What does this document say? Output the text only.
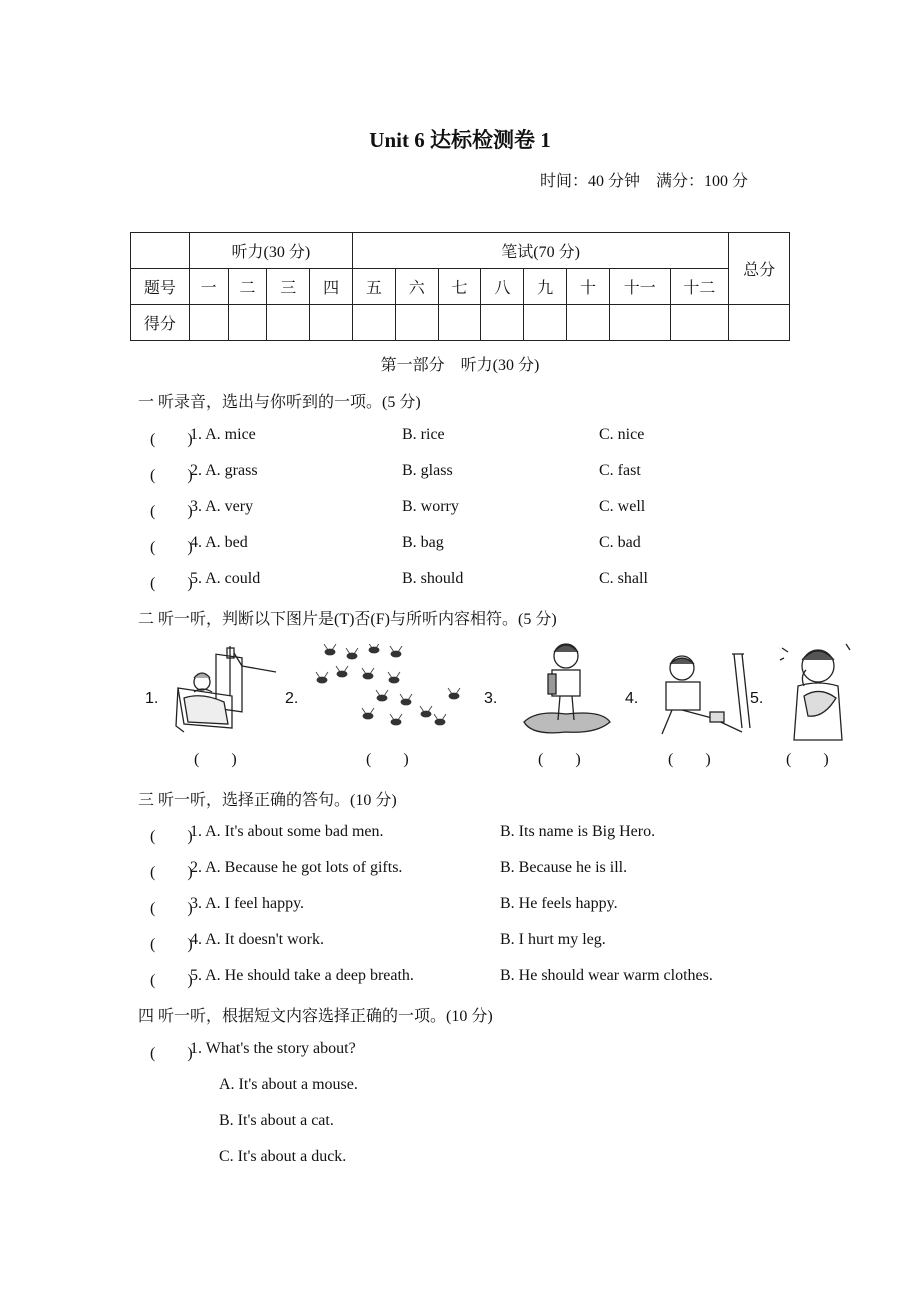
Unit 6 达标检测卷 1
时间：40 分钟　满分：100 分
	听力(30 分)				笔试(70 分)								总分
题号	一	二	三	四	五	六	七	八	九	十	十一	十二	
得分													
第一部分　听力(30 分)
一 听录音，选出与你听到的一项。(5 分)
(　　)
1. A. mice	B. rice	C. nice
(　　)
2. A. grass	B. glass	C. fast
(　　)
3. A. very	B. worry	C. well
(　　)
4. A. bed	B. bag	C. bad
(　　)
5. A. could	B. should	C. shall
二 听一听，判断以下图片是(T)否(F)与所听内容相符。(5 分)
1.
(　　)
2.
(　　)
3.
(　　)
4.
(　　)
5.
(　　)
三 听一听，选择正确的答句。(10 分)
(　　)
1. A. It's about some bad men.	B. Its name is Big Hero.
(　　)
2. A. Because he got lots of gifts.	B. Because he is ill.
(　　)
3. A. I feel happy.	B. He feels happy.
(　　)
4. A. It doesn't work.	B. I hurt my leg.
(　　)
5. A. He should take a deep breath.	B. He should wear warm clothes.
四 听一听，根据短文内容选择正确的一项。(10 分)
(　　)
1. What's the story about?
A. It's about a mouse.
B. It's about a cat.
C. It's about a duck.
